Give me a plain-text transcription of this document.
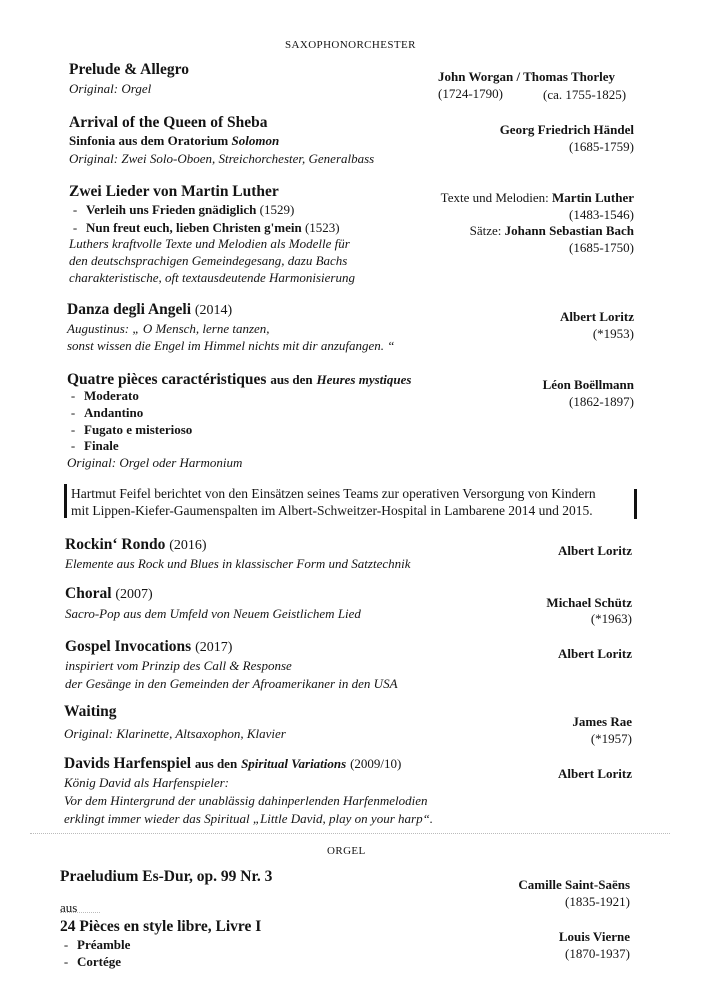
SAXOPHONORCHESTER
Prelude & Allegro
Original: Orgel
John Worgan / Thomas Thorley
(1724-1790)	(ca. 1755-1825)
Arrival of the Queen of Sheba
Sinfonia aus dem Oratorium Solomon
Original: Zwei Solo-Oboen, Streichorchester, Generalbass
Georg Friedrich Händel
(1685-1759)
Zwei Lieder von Martin Luther
- Verleih uns Frieden gnädiglich (1529)
- Nun freut euch, lieben Christen g'mein (1523)
Luthers kraftvolle Texte und Melodien als Modelle für
den deutschsprachigen Gemeindegesang, dazu Bachs
charakteristische, oft textausdeutende Harmonisierung
Texte und Melodien: Martin Luther
(1483-1546)
Sätze: Johann Sebastian Bach
(1685-1750)
Danza degli Angeli (2014)
Augustinus: „ O Mensch, lerne tanzen,
sonst wissen die Engel im Himmel nichts mit dir anzufangen. “
Albert Loritz
(*1953)
Quatre pièces caractéristiques aus den Heures mystiques
- Moderato
- Andantino
- Fugato e misterioso
- Finale
Original: Orgel oder Harmonium
Léon Boëllmann
(1862-1897)
Hartmut Feifel berichtet von den Einsätzen seines Teams zur operativen Versorgung von Kindern
mit Lippen-Kiefer-Gaumenspalten im Albert-Schweitzer-Hospital in Lambarene 2014 und 2015.
Rockin‘ Rondo (2016)
Elemente aus Rock und Blues in klassischer Form und Satztechnik
Albert Loritz
Choral (2007)
Sacro-Pop aus dem Umfeld von Neuem Geistlichem Lied
Michael Schütz
(*1963)
Gospel Invocations (2017)
inspiriert vom Prinzip des Call & Response
der Gesänge in den Gemeinden der Afroamerikaner in den USA
Albert Loritz
Waiting
Original: Klarinette, Altsaxophon, Klavier
James Rae
(*1957)
Davids Harfenspiel aus den Spiritual Variations (2009/10)
König David als Harfenspieler:
Vor dem Hintergrund der unablässig dahinperlenden Harfenmelodien
erklingt immer wieder das Spiritual „Little David, play on your harp“.
Albert Loritz
ORGEL
Praeludium Es-Dur, op. 99 Nr. 3	Camille Saint-Saëns
(1835-1921)
aus
24 Pièces en style libre, Livre I
- Préamble
- Cortége
Louis Vierne
(1870-1937)
